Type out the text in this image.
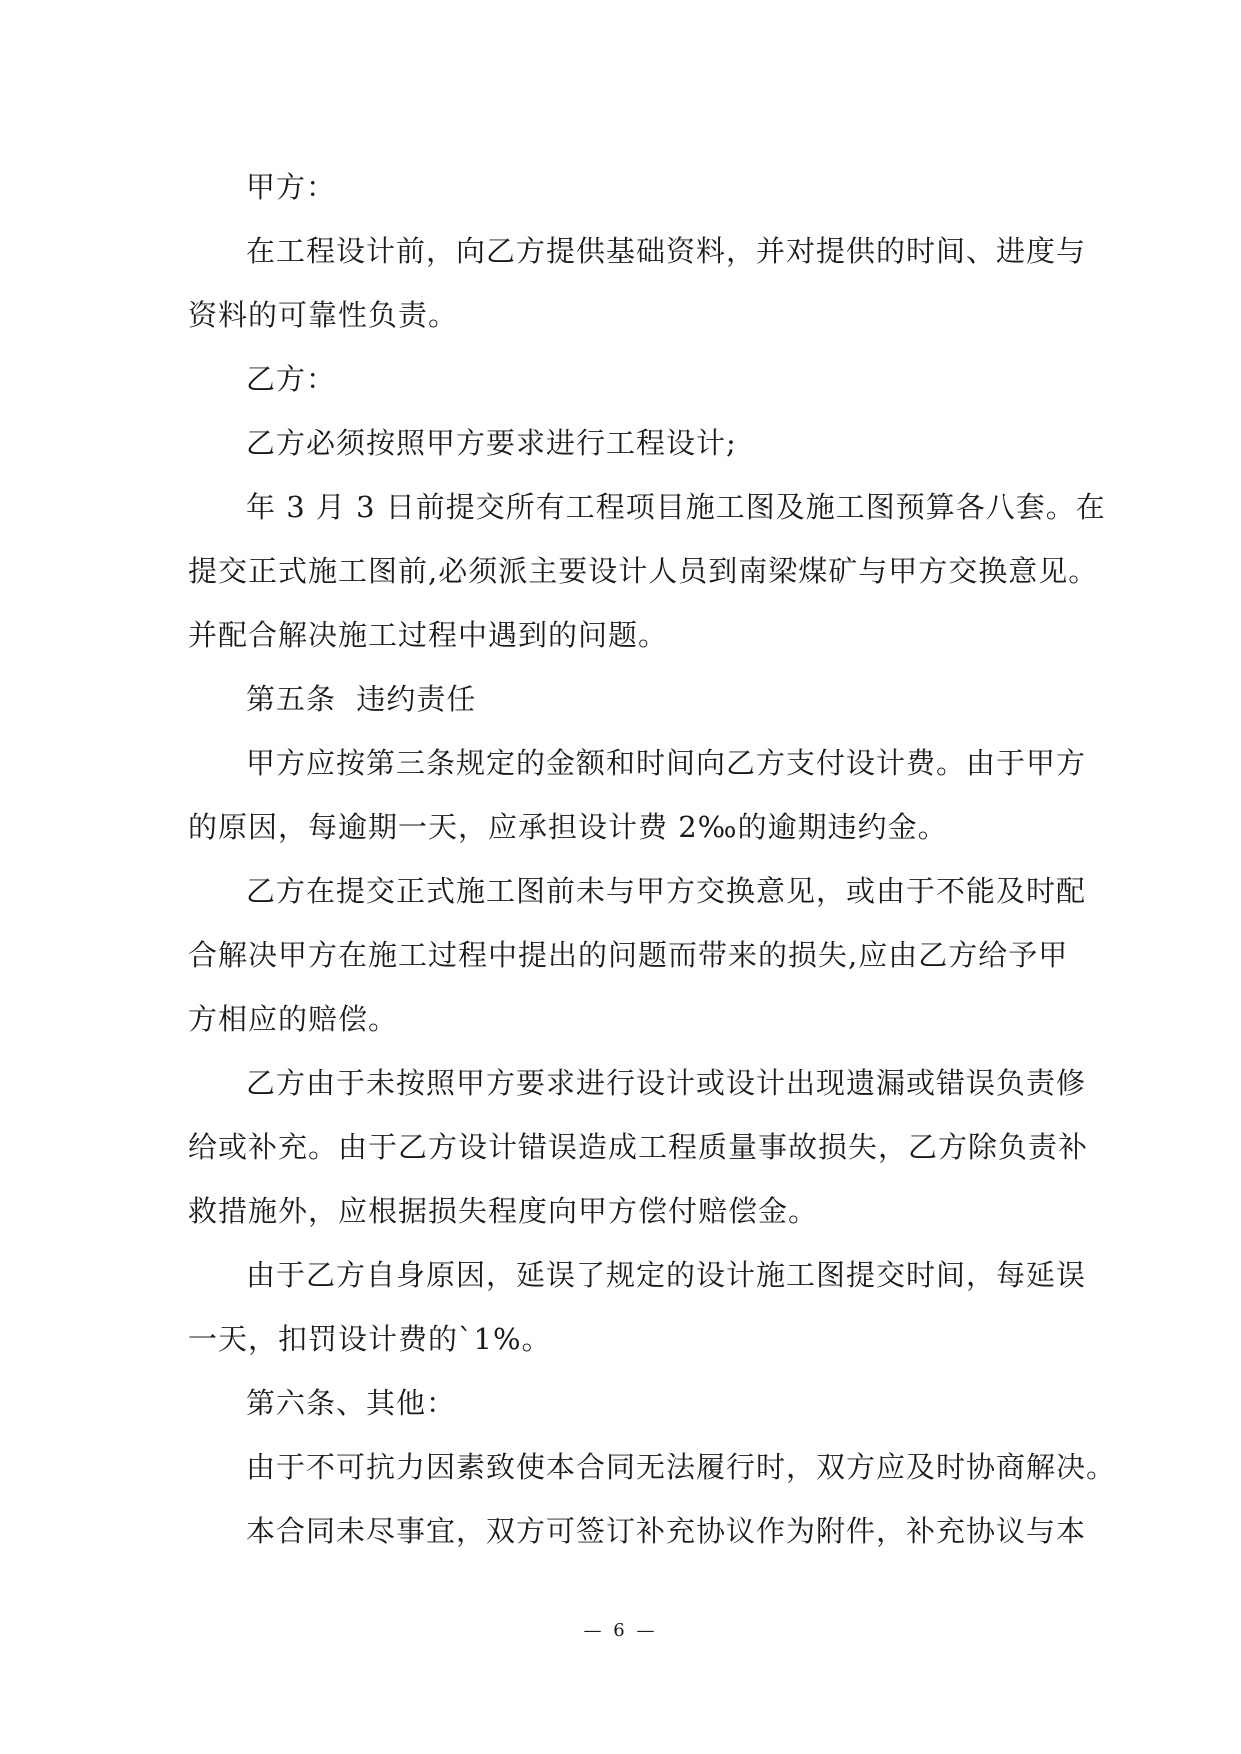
甲方：
在工程设计前，向乙方提供基础资料，并对提供的时间、进度与
资料的可靠性负责。
乙方：
乙方必须按照甲方要求进行工程设计;
年 3 月 3 日前提交所有工程项目施工图及施工图预算各八套。在
提交正式施工图前,必须派主要设计人员到南梁煤矿与甲方交换意见。
并配合解决施工过程中遇到的问题。
第五条  违约责任
甲方应按第三条规定的金额和时间向乙方支付设计费。由于甲方
的原因，每逾期一天，应承担设计费 2‰的逾期违约金。
乙方在提交正式施工图前未与甲方交换意见，或由于不能及时配
合解决甲方在施工过程中提出的问题而带来的损失,应由乙方给予甲
方相应的赔偿。
乙方由于未按照甲方要求进行设计或设计出现遗漏或错误负责修
给或补充。由于乙方设计错误造成工程质量事故损失，乙方除负责补
救措施外，应根据损失程度向甲方偿付赔偿金。
由于乙方自身原因，延误了规定的设计施工图提交时间，每延误
一天，扣罚设计费的`1%。
第六条、其他：
由于不可抗力因素致使本合同无法履行时，双方应及时协商解决。
本合同未尽事宜，双方可签订补充协议作为附件，补充协议与本
— 6 —
